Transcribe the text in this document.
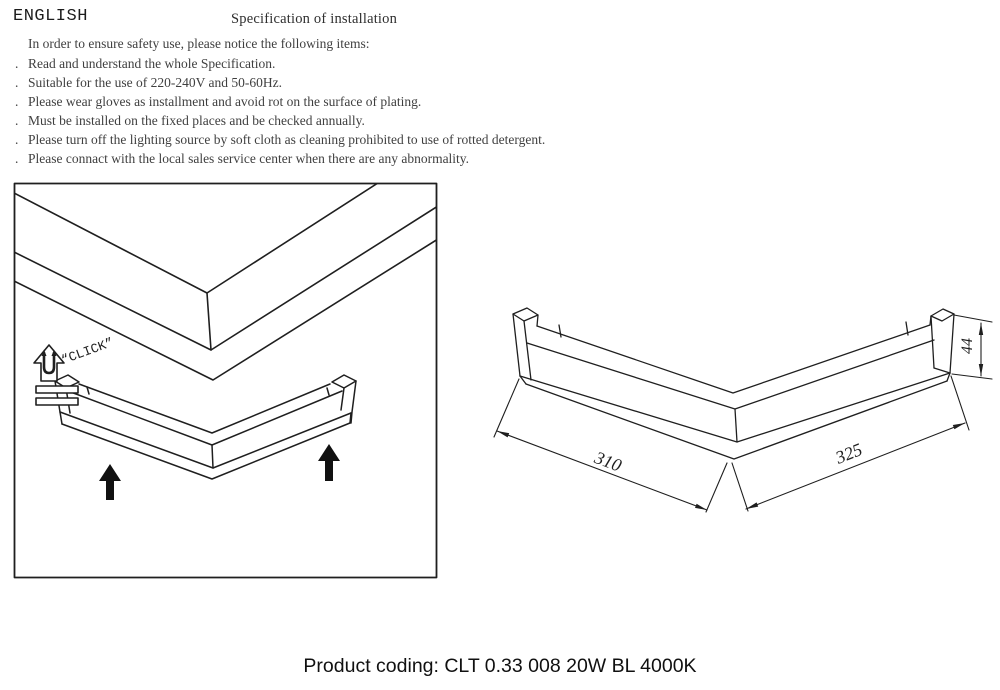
ENGLISH	Specification of installation
In order to ensure safety use, please notice the following items:
. Read and understand the whole Specification.
. Suitable for the use of 220-240V and 50-60Hz.
. Please wear gloves as installment and avoid rot on the surface of plating.
. Must be installed on the fixed places and be checked annually.
. Please turn off the lighting source by soft cloth as cleaning prohibited to use of rotted detergent.
. Please connact with the local sales service center when there are any abnormality.
“CLICK”
310	325
44
Product coding: CLT 0.33 008 20W BL 4000K
